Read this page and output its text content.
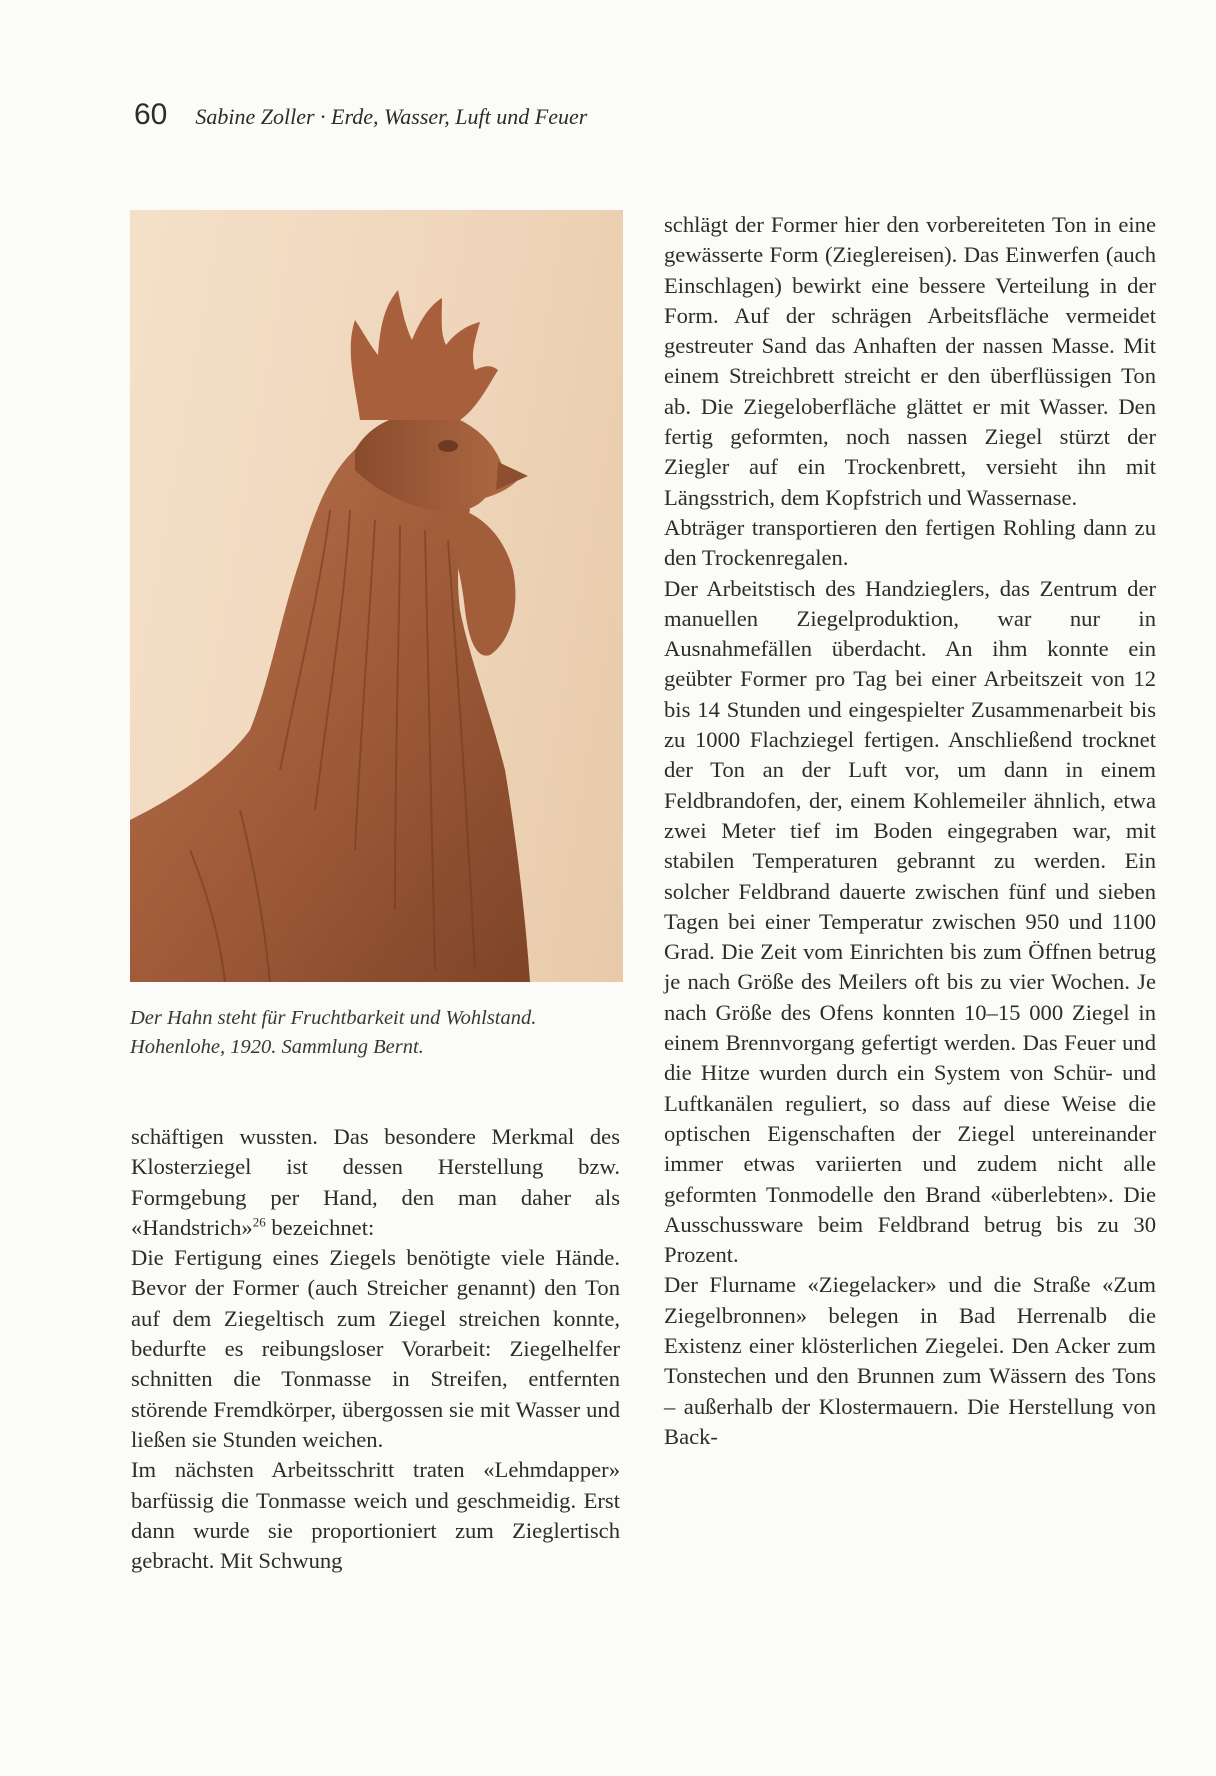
60 Sabine Zoller · Erde, Wasser, Luft und Feuer
Der Hahn steht für Fruchtbarkeit und Wohlstand.
Hohenlohe, 1920. Sammlung Bernt.

schäftigen wussten. Das besondere Merkmal des Klosterziegel ist dessen Herstellung bzw. Formgebung per Hand, den man daher als «Handstrich»$^{26}$ bezeichnet:

Die Fertigung eines Ziegels benötigte viele Hände. Bevor der Former (auch Streicher genannt) den Ton auf dem Ziegeltisch zum Ziegel streichen konnte, bedurfte es reibungsloser Vorarbeit: Ziegelhelfer schnitten die Tonmasse in Streifen, entfernten störende Fremdkörper, übergossen sie mit Wasser und ließen sie Stunden weichen.

Im nächsten Arbeitsschritt traten «Lehmdapper» barfüssig die Tonmasse weich und geschmeidig. Erst dann wurde sie proportioniert zum Zieglertisch gebracht. Mit Schwung

schlägt der Former hier den vorbereiteten Ton in eine gewässerte Form (Zieglereisen). Das Einwerfen (auch Einschlagen) bewirkt eine bessere Verteilung in der Form. Auf der schrägen Arbeitsfläche vermeidet gestreuter Sand das Anhaften der nassen Masse. Mit einem Streichbrett streicht er den überflüssigen Ton ab. Die Ziegeloberfläche glättet er mit Wasser. Den fertig geformten, noch nassen Ziegel stürzt der Ziegler auf ein Trockenbrett, versieht ihn mit Längsstrich, dem Kopfstrich und Wassernase.

Abträger transportieren den fertigen Rohling dann zu den Trockenregalen.

Der Arbeitstisch des Handzieglers, das Zentrum der manuellen Ziegelproduktion, war nur in Ausnahmefällen überdacht. An ihm konnte ein geübter Former pro Tag bei einer Arbeitszeit von 12 bis 14 Stunden und eingespielter Zusammenarbeit bis zu 1000 Flachziegel fertigen. Anschließend trocknet der Ton an der Luft vor, um dann in einem Feldbrandofen, der, einem Kohlemeiler ähnlich, etwa zwei Meter tief im Boden eingegraben war, mit stabilen Temperaturen gebrannt zu werden. Ein solcher Feldbrand dauerte zwischen fünf und sieben Tagen bei einer Temperatur zwischen 950 und 1100 Grad. Die Zeit vom Einrichten bis zum Öffnen betrug je nach Größe des Meilers oft bis zu vier Wochen. Je nach Größe des Ofens konnten 10–15 000 Ziegel in einem Brennvorgang gefertigt werden. Das Feuer und die Hitze wurden durch ein System von Schür- und Luftkanälen reguliert, so dass auf diese Weise die optischen Eigenschaften der Ziegel untereinander immer etwas variierten und zudem nicht alle geformten Tonmodelle den Brand «überlebten». Die Ausschussware beim Feldbrand betrug bis zu 30 Prozent.

Der Flurname «Ziegelacker» und die Straße «Zum Ziegelbronnen» belegen in Bad Herrenalb die Existenz einer klösterlichen Ziegelei. Den Acker zum Tonstechen und den Brunnen zum Wässern des Tons – außerhalb der Klostermauern. Die Herstellung von Back-
